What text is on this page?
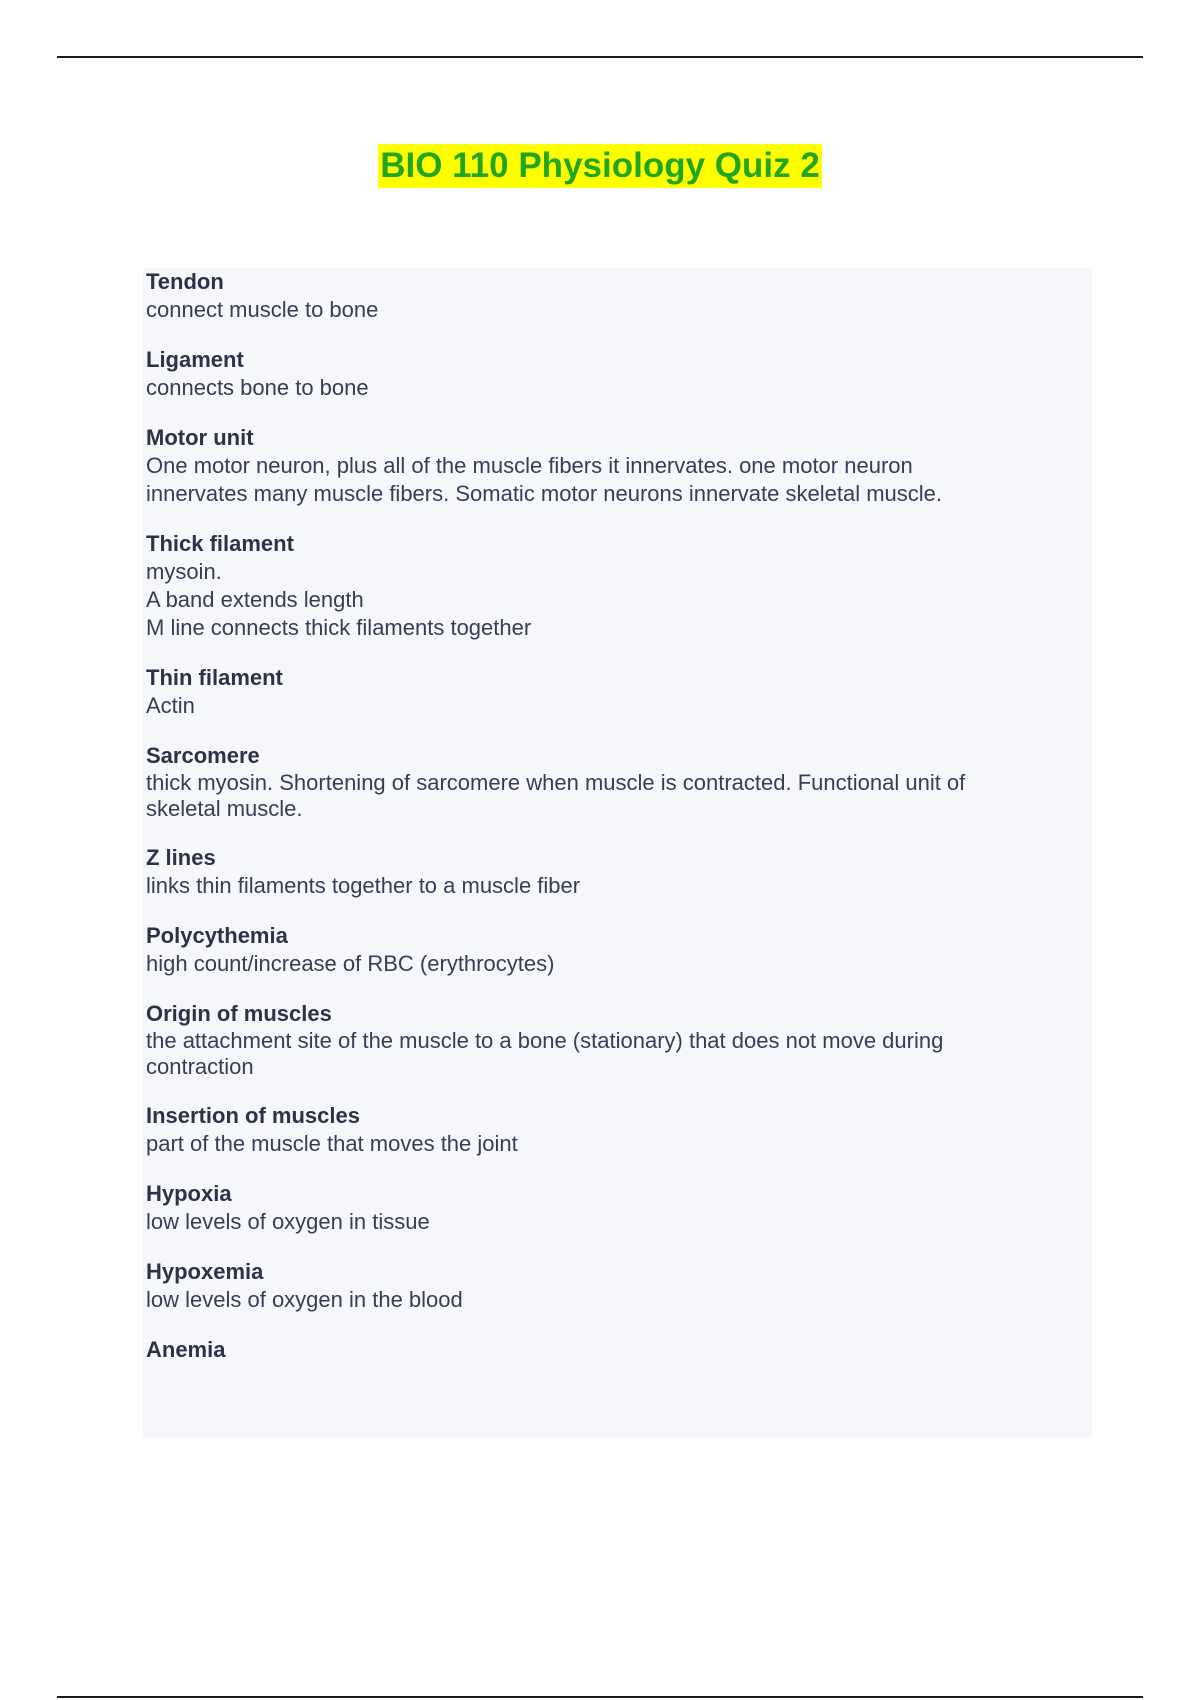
BIO 110 Physiology Quiz 2
Tendon
connect muscle to bone
Ligament
connects bone to bone
Motor unit
One motor neuron, plus all of the muscle fibers it innervates. one motor neuron
innervates many muscle fibers. Somatic motor neurons innervate skeletal muscle.
Thick filament
mysoin.
A band extends length
M line connects thick filaments together
Thin filament
Actin
Sarcomere
thick myosin. Shortening of sarcomere when muscle is contracted. Functional unit of
skeletal muscle.
Z lines
links thin filaments together to a muscle fiber
Polycythemia
high count/increase of RBC (erythrocytes)
Origin of muscles
the attachment site of the muscle to a bone (stationary) that does not move during
contraction
Insertion of muscles
part of the muscle that moves the joint
Hypoxia
low levels of oxygen in tissue
Hypoxemia
low levels of oxygen in the blood
Anemia
